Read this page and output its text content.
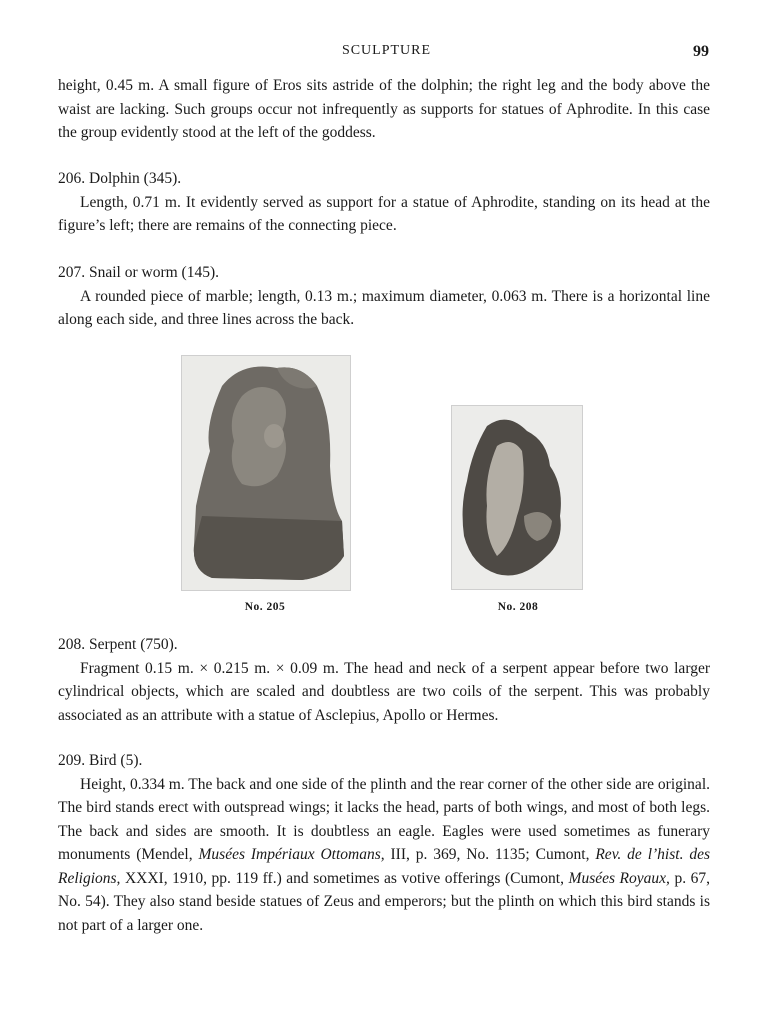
SCULPTURE	99

height, 0.45 m. A small figure of Eros sits astride of the dolphin; the right leg and the body above the waist are lacking. Such groups occur not infrequently as supports for statues of Aphrodite. In this case the group evidently stood at the left of the goddess.

206. Dolphin (345).

Length, 0.71 m. It evidently served as support for a statue of Aphrodite, standing on its head at the figure’s left; there are remains of the connecting piece.

207. Snail or worm (145).

A rounded piece of marble; length, 0.13 m.; maximum diameter, 0.063 m. There is a horizontal line along each side, and three lines across the back.

No. 205	No. 208

208. Serpent (750).

Fragment 0.15 m. × 0.215 m. × 0.09 m. The head and neck of a serpent appear before two larger cylindrical objects, which are scaled and doubtless are two coils of the serpent. This was probably associated as an attribute with a statue of Asclepius, Apollo or Hermes.

209. Bird (5).

Height, 0.334 m. The back and one side of the plinth and the rear corner of the other side are original. The bird stands erect with outspread wings; it lacks the head, parts of both wings, and most of both legs. The back and sides are smooth. It is doubtless an eagle. Eagles were used sometimes as funerary monuments (Mendel, Musées Impériaux Ottomans, III, p. 369, No. 1135; Cumont, Rev. de l’hist. des Religions, XXXI, 1910, pp. 119 ff.) and sometimes as votive offerings (Cumont, Musées Royaux, p. 67, No. 54). They also stand beside statues of Zeus and emperors; but the plinth on which this bird stands is not part of a larger one.
